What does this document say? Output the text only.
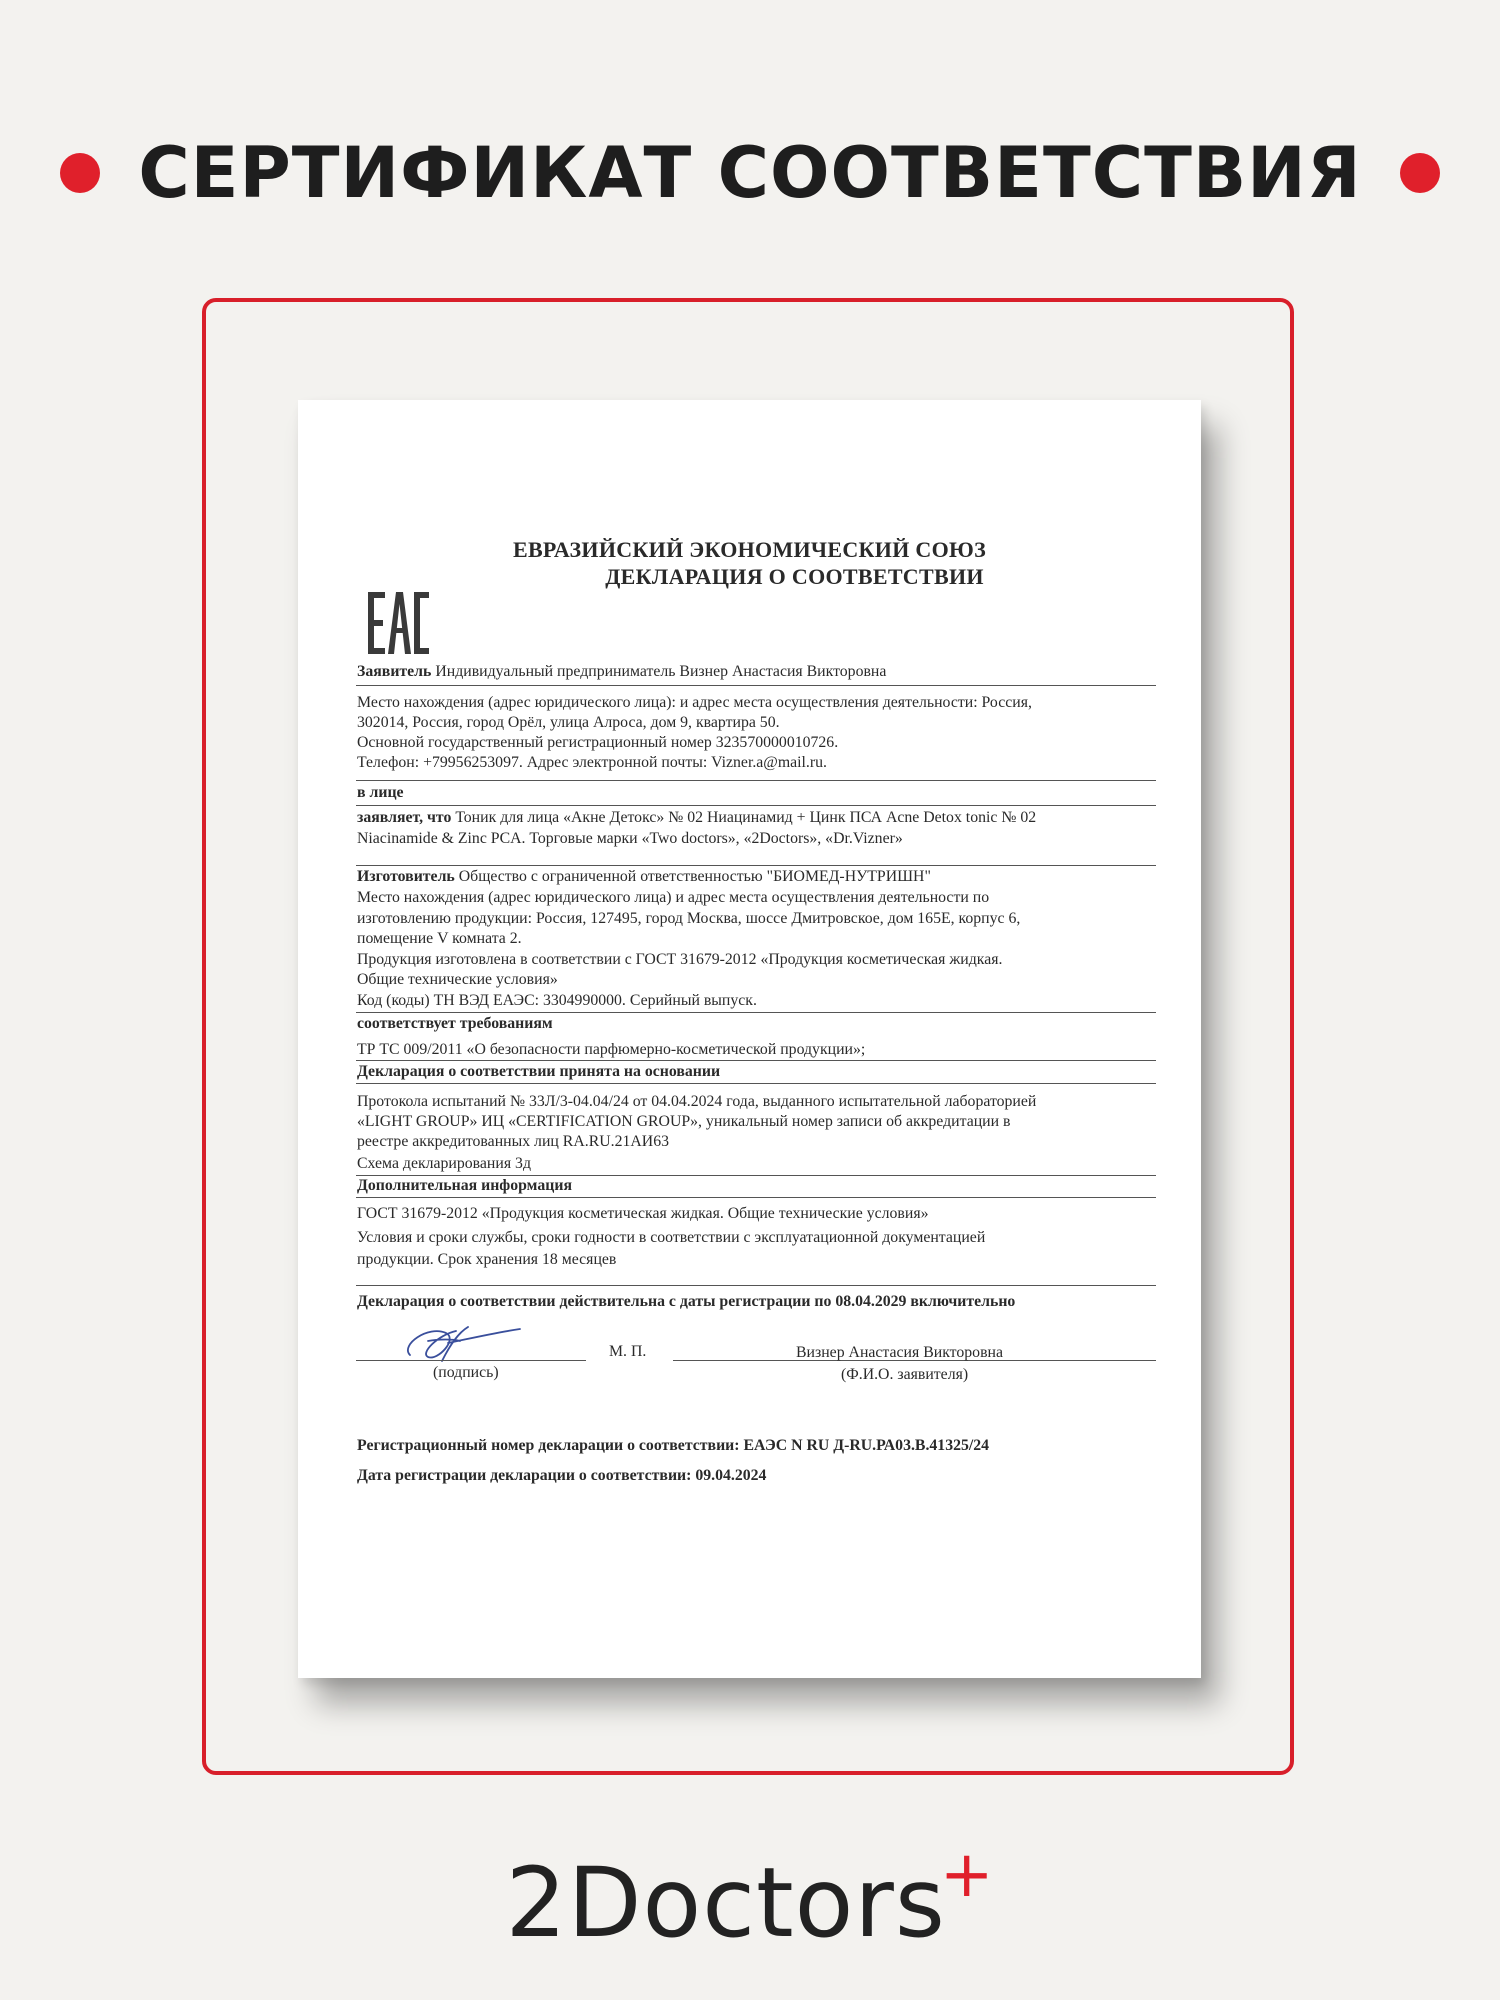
СЕРТИФИКАТ СООТВЕТСТВИЯ
ЕВРАЗИЙСКИЙ ЭКОНОМИЧЕСКИЙ СОЮЗ
ДЕКЛАРАЦИЯ О СООТВЕТСТВИИ
Заявитель Индивидуальный предприниматель Визнер Анастасия Викторовна
Место нахождения (адрес юридического лица): и адрес места осуществления деятельности: Россия,
302014, Россия, город Орёл, улица Алроса, дом 9, квартира 50.
Основной государственный регистрационный номер 323570000010726.
Телефон: +79956253097. Адрес электронной почты: Vizner.a@mail.ru.
в лице
заявляет, что Тоник для лица «Акне Детокс» № 02 Ниацинамид + Цинк ПСА Acne Detox tonic № 02
Niacinamide & Zinc PCA. Торговые марки «Two doctors», «2Doctors», «Dr.Vizner»
Изготовитель Общество с ограниченной ответственностью "БИОМЕД-НУТРИШН"
Место нахождения (адрес юридического лица) и адрес места осуществления деятельности по
изготовлению продукции: Россия, 127495, город Москва, шоссе Дмитровское, дом 165Е, корпус 6,
помещение V комната 2.
Продукция изготовлена в соответствии с ГОСТ 31679-2012 «Продукция косметическая жидкая.
Общие технические условия»
Код (коды) ТН ВЭД ЕАЭС: 3304990000. Серийный выпуск.
соответствует требованиям
ТР ТС 009/2011 «О безопасности парфюмерно-косметической продукции»;
Декларация о соответствии принята на основании
Протокола испытаний № 33Л/3-04.04/24 от 04.04.2024 года, выданного испытательной лабораторией
«LIGHT GROUP» ИЦ «CERTIFICATION GROUP», уникальный номер записи об аккредитации в
реестре аккредитованных лиц RA.RU.21АИ63
Схема декларирования 3д
Дополнительная информация
ГОСТ 31679-2012 «Продукция косметическая жидкая. Общие технические условия»
Условия и сроки службы, сроки годности в соответствии с эксплуатационной документацией
продукции. Срок хранения 18 месяцев
Декларация о соответствии действительна с даты регистрации по 08.04.2029 включительно
М. П.	Визнер Анастасия Викторовна
(подпись)	(Ф.И.О. заявителя)
Регистрационный номер декларации о соответствии: ЕАЭС N RU Д-RU.РА03.В.41325/24
Дата регистрации декларации о соответствии: 09.04.2024
2Doctors+
